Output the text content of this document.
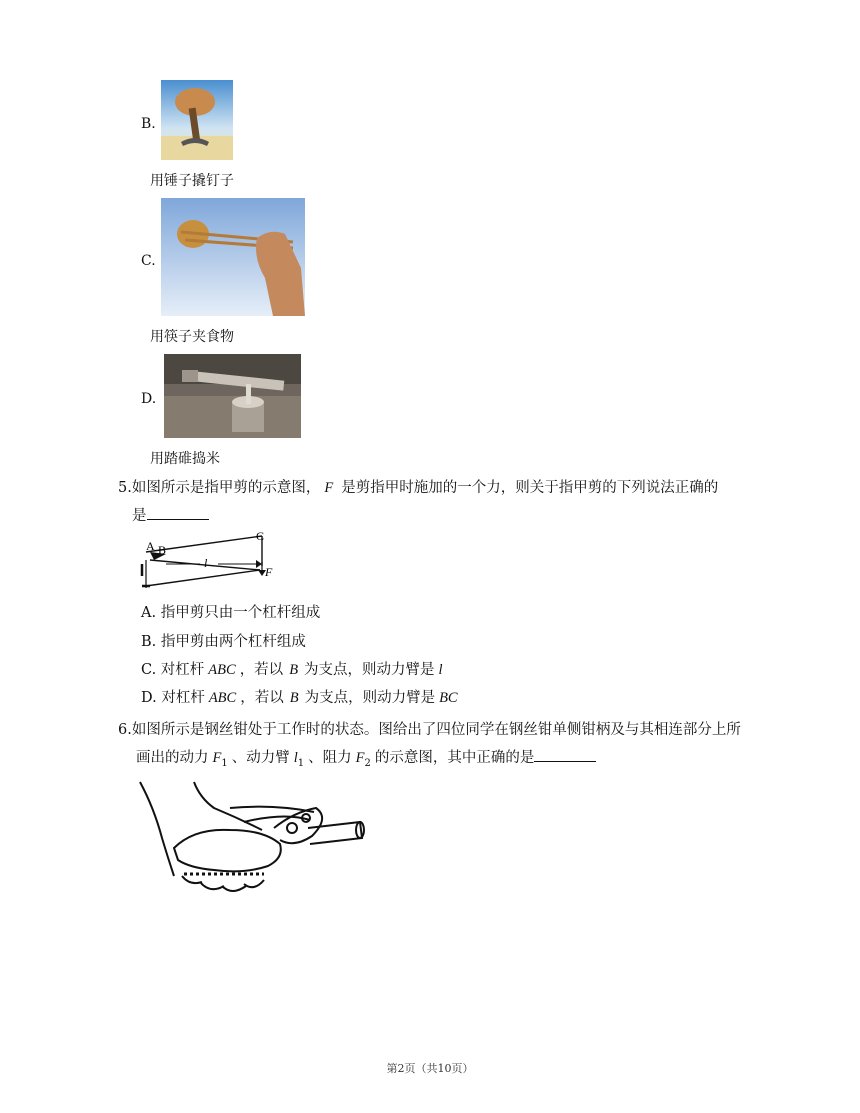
B.
用锤子撬钉子
C.
用筷子夹食物
D.
用踏碓捣米
5.如图所示是指甲剪的示意图， F 是剪指甲时施加的一个力，则关于指甲剪的下列说法正确的
是
A B
C
l
F
A. 指甲剪只由一个杠杆组成
B. 指甲剪由两个杠杆组成
C. 对杠杆 ABC ，若以 B 为支点，则动力臂是 l
D. 对杠杆 ABC ，若以 B 为支点，则动力臂是 BC
6.如图所示是钢丝钳处于工作时的状态。图给出了四位同学在钢丝钳单侧钳柄及与其相连部分上所
画出的动力 $F_1$ 、动力臂 $l_1$ 、阻力 $F_2$ 的示意图，其中正确的是
第2页（共10页）
